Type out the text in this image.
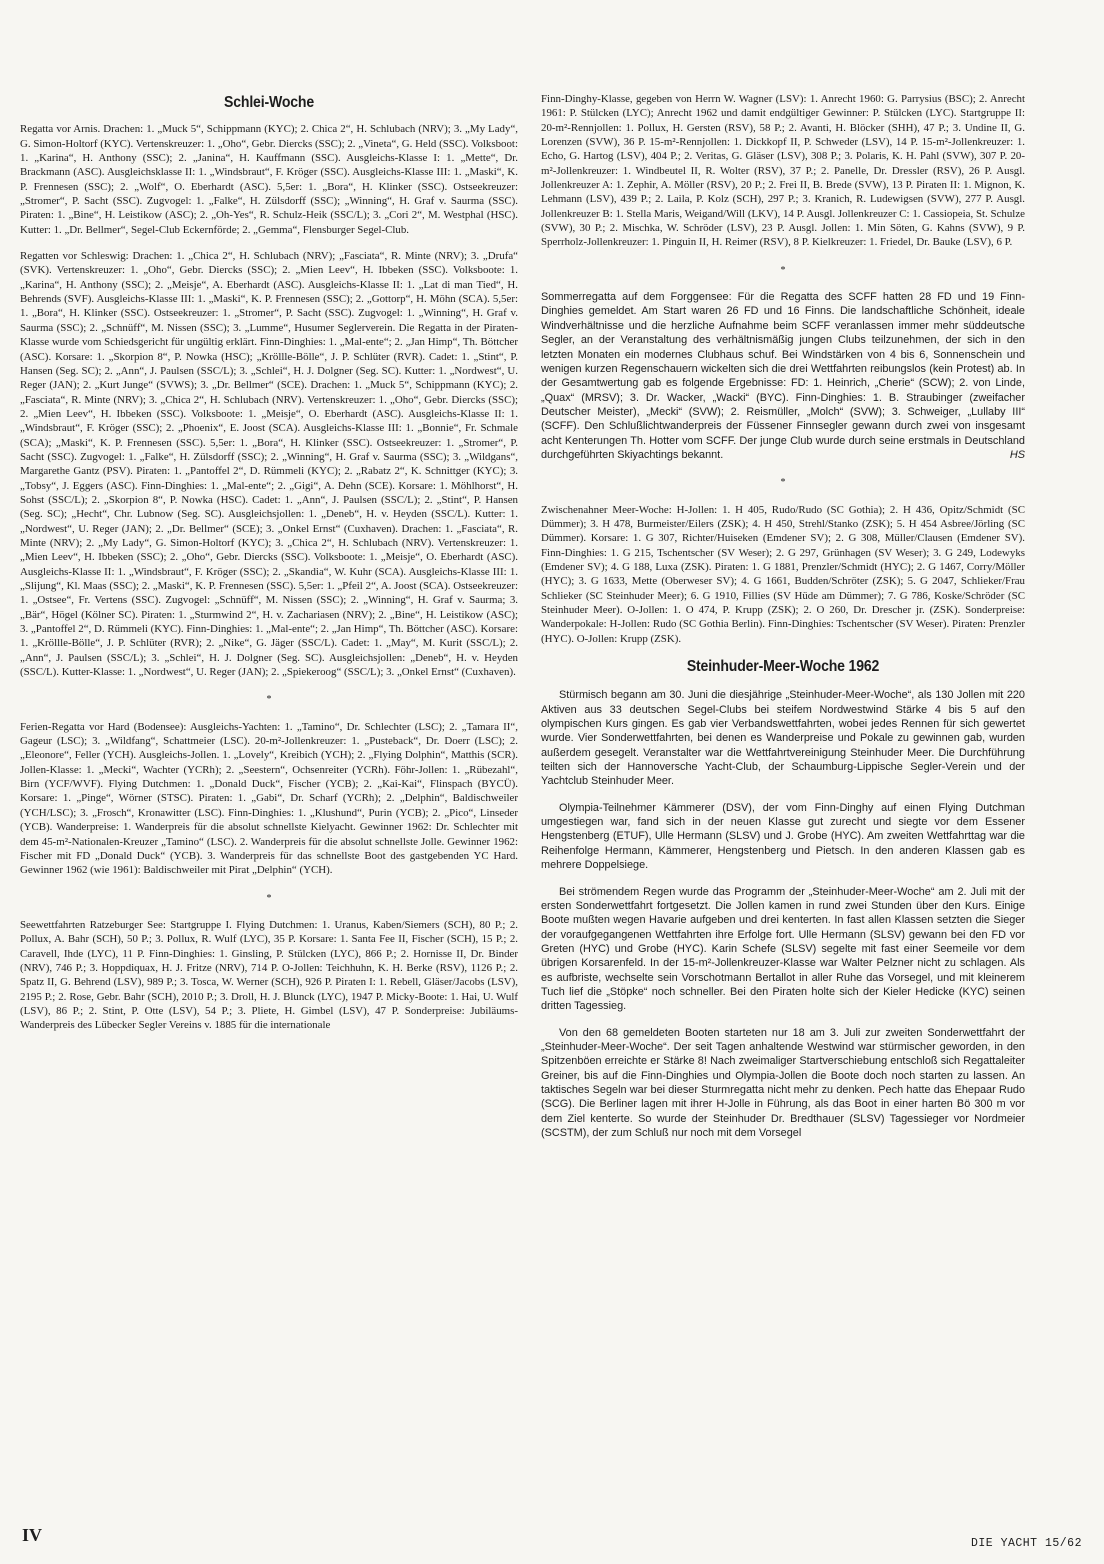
Schlei-Woche

Regatta vor Arnis. Drachen: 1. „Muck 5“, Schippmann (KYC); 2. Chica 2“, H. Schlubach (NRV); 3. „My Lady“, G. Simon-Holtorf (KYC). Vertenskreuzer: 1. „Oho“, Gebr. Diercks (SSC); 2. „Vineta“, G. Held (SSC). Volksboot: 1. „Karina“, H. Anthony (SSC); 2. „Janina“, H. Kauffmann (SSC). Ausgleichs-Klasse I: 1. „Mette“, Dr. Brackmann (ASC). Ausgleichsklasse II: 1. „Windsbraut“, F. Kröger (SSC). Ausgleichs-Klasse III: 1. „Maski“, K. P. Frennesen (SSC); 2. „Wolf“, O. Eberhardt (ASC). 5,5er: 1. „Bora“, H. Klinker (SSC). Ostseekreuzer: „Stromer“, P. Sacht (SSC). Zugvogel: 1. „Falke“, H. Zülsdorff (SSC); „Winning“, H. Graf v. Saurma (SSC). Piraten: 1. „Bine“, H. Leistikow (ASC); 2. „Oh-Yes“, R. Schulz-Heik (SSC/L); 3. „Cori 2“, M. Westphal (HSC). Kutter: 1. „Dr. Bellmer“, Segel-Club Eckernförde; 2. „Gemma“, Flensburger Segel-Club.

Regatten vor Schleswig: Drachen: 1. „Chica 2“, H. Schlubach (NRV); „Fasciata“, R. Minte (NRV); 3. „Drufa“ (SVK). Vertenskreuzer: 1. „Oho“, Gebr. Diercks (SSC); 2. „Mien Leev“, H. Ibbeken (SSC). Volksboote: 1. „Karina“, H. Anthony (SSC); 2. „Meisje“, A. Eberhardt (ASC). Ausgleichs-Klasse II: 1. „Lat di man Tied“, H. Behrends (SVF). Ausgleichs-Klasse III: 1. „Maski“, K. P. Frennesen (SSC); 2. „Gottorp“, H. Möhn (SCA). 5,5er: 1. „Bora“, H. Klinker (SSC). Ostseekreuzer: 1. „Stromer“, P. Sacht (SSC). Zugvogel: 1. „Winning“, H. Graf v. Saurma (SSC); 2. „Schnüff“, M. Nissen (SSC); 3. „Lumme“, Husumer Seglerverein. Die Regatta in der Piraten-Klasse wurde vom Schiedsgericht für ungültig erklärt. Finn-Dinghies: 1. „Mal-ente“; 2. „Jan Himp“, Th. Böttcher (ASC). Korsare: 1. „Skorpion 8“, P. Nowka (HSC); „Kröllle-Bölle“, J. P. Schlüter (RVR). Cadet: 1. „Stint“, P. Hansen (Seg. SC); 2. „Ann“, J. Paulsen (SSC/L); 3. „Schlei“, H. J. Dolgner (Seg. SC). Kutter: 1. „Nordwest“, U. Reger (JAN); 2. „Kurt Junge“ (SVWS); 3. „Dr. Bellmer“ (SCE). Drachen: 1. „Muck 5“, Schippmann (KYC); 2. „Fasciata“, R. Minte (NRV); 3. „Chica 2“, H. Schlubach (NRV). Vertenskreuzer: 1. „Oho“, Gebr. Diercks (SSC); 2. „Mien Leev“, H. Ibbeken (SSC). Volksboote: 1. „Meisje“, O. Eberhardt (ASC). Ausgleichs-Klasse II: 1. „Windsbraut“, F. Kröger (SSC); 2. „Phoenix“, E. Joost (SCA). Ausgleichs-Klasse III: 1. „Bonnie“, Fr. Schmale (SCA); „Maski“, K. P. Frennesen (SSC). 5,5er: 1. „Bora“, H. Klinker (SSC). Ostseekreuzer: 1. „Stromer“, P. Sacht (SSC). Zugvogel: 1. „Falke“, H. Zülsdorff (SSC); 2. „Winning“, H. Graf v. Saurma (SSC); 3. „Wildgans“, Margarethe Gantz (PSV). Piraten: 1. „Pantoffel 2“, D. Rümmeli (KYC); 2. „Rabatz 2“, K. Schnittger (KYC); 3. „Tobsy“, J. Eggers (ASC). Finn-Dinghies: 1. „Mal-ente“; 2. „Gigi“, A. Dehn (SCE). Korsare: 1. Möhlhorst“, H. Sohst (SSC/L); 2. „Skorpion 8“, P. Nowka (HSC). Cadet: 1. „Ann“, J. Paulsen (SSC/L); 2. „Stint“, P. Hansen (Seg. SC); „Hecht“, Chr. Lubnow (Seg. SC). Ausgleichsjollen: 1. „Deneb“, H. v. Heyden (SSC/L). Kutter: 1. „Nordwest“, U. Reger (JAN); 2. „Dr. Bellmer“ (SCE); 3. „Onkel Ernst“ (Cuxhaven). Drachen: 1. „Fasciata“, R. Minte (NRV); 2. „My Lady“, G. Simon-Holtorf (KYC); 3. „Chica 2“, H. Schlubach (NRV). Vertenskreuzer: 1. „Mien Leev“, H. Ibbeken (SSC); 2. „Oho“, Gebr. Diercks (SSC). Volksboote: 1. „Meisje“, O. Eberhardt (ASC). Ausgleichs-Klasse II: 1. „Windsbraut“, F. Kröger (SSC); 2. „Skandia“, W. Kuhr (SCA). Ausgleichs-Klasse III: 1. „Slijung“, Kl. Maas (SSC); 2. „Maski“, K. P. Frennesen (SSC). 5,5er: 1. „Pfeil 2“, A. Joost (SCA). Ostseekreuzer: 1. „Ostsee“, Fr. Vertens (SSC). Zugvogel: „Schnüff“, M. Nissen (SSC); 2. „Winning“, H. Graf v. Saurma; 3. „Bär“, Högel (Kölner SC). Piraten: 1. „Sturmwind 2“, H. v. Zachariasen (NRV); 2. „Bine“, H. Leistikow (ASC); 3. „Pantoffel 2“, D. Rümmeli (KYC). Finn-Dinghies: 1. „Mal-ente“; 2. „Jan Himp“, Th. Böttcher (ASC). Korsare: 1. „Kröllle-Bölle“, J. P. Schlüter (RVR); 2. „Nike“, G. Jäger (SSC/L). Cadet: 1. „May“, M. Kurit (SSC/L); 2. „Ann“, J. Paulsen (SSC/L); 3. „Schlei“, H. J. Dolgner (Seg. SC). Ausgleichsjollen: „Deneb“, H. v. Heyden (SSC/L). Kutter-Klasse: 1. „Nordwest“, U. Reger (JAN); 2. „Spiekeroog“ (SSC/L); 3. „Onkel Ernst“ (Cuxhaven).

*

Ferien-Regatta vor Hard (Bodensee): Ausgleichs-Yachten: 1. „Tamino“, Dr. Schlechter (LSC); 2. „Tamara II“, Gageur (LSC); 3. „Wildfang“, Schattmeier (LSC). 20-m²-Jollenkreuzer: 1. „Pusteback“, Dr. Doerr (LSC); 2. „Eleonore“, Feller (YCH). Ausgleichs-Jollen. 1. „Lovely“, Kreibich (YCH); 2. „Flying Dolphin“, Matthis (SCR). Jollen-Klasse: 1. „Mecki“, Wachter (YCRh); 2. „Seestern“, Ochsenreiter (YCRh). Föhr-Jollen: 1. „Rübezahl“, Birn (YCF/WVF). Flying Dutchmen: 1. „Donald Duck“, Fischer (YCB); 2. „Kai-Kai“, Flinspach (BYCÜ). Korsare: 1. „Pinge“, Wörner (STSC). Piraten: 1. „Gabi“, Dr. Scharf (YCRh); 2. „Delphin“, Baldischweiler (YCH/LSC); 3. „Frosch“, Kronawitter (LSC). Finn-Dinghies: 1. „Klushund“, Purin (YCB); 2. „Pico“, Linseder (YCB). Wanderpreise: 1. Wanderpreis für die absolut schnellste Kielyacht. Gewinner 1962: Dr. Schlechter mit dem 45-m²-Nationalen-Kreuzer „Tamino“ (LSC). 2. Wanderpreis für die absolut schnellste Jolle. Gewinner 1962: Fischer mit FD „Donald Duck“ (YCB). 3. Wanderpreis für das schnellste Boot des gastgebenden YC Hard. Gewinner 1962 (wie 1961): Baldischweiler mit Pirat „Delphin“ (YCH).

*

Seewettfahrten Ratzeburger See: Startgruppe I. Flying Dutchmen: 1. Uranus, Kaben/Siemers (SCH), 80 P.; 2. Pollux, A. Bahr (SCH), 50 P.; 3. Pollux, R. Wulf (LYC), 35 P. Korsare: 1. Santa Fee II, Fischer (SCH), 15 P.; 2. Caravell, Ihde (LYC), 11 P. Finn-Dinghies: 1. Ginsling, P. Stülcken (LYC), 866 P.; 2. Hornisse II, Dr. Binder (NRV), 746 P.; 3. Hoppdiquax, H. J. Fritze (NRV), 714 P. O-Jollen: Teichhuhn, K. H. Berke (RSV), 1126 P.; 2. Spatz II, G. Behrend (LSV), 989 P.; 3. Tosca, W. Werner (SCH), 926 P. Piraten I: 1. Rebell, Gläser/Jacobs (LSV), 2195 P.; 2. Rose, Gebr. Bahr (SCH), 2010 P.; 3. Droll, H. J. Blunck (LYC), 1947 P. Micky-Boote: 1. Hai, U. Wulf (LSV), 86 P.; 2. Stint, P. Otte (LSV), 54 P.; 3. Pliete, H. Gimbel (LSV), 47 P. Sonderpreise: Jubiläums-Wanderpreis des Lübecker Segler Vereins v. 1885 für die internationale

Finn-Dinghy-Klasse, gegeben von Herrn W. Wagner (LSV): 1. Anrecht 1960: G. Parrysius (BSC); 2. Anrecht 1961: P. Stülcken (LYC); Anrecht 1962 und damit endgültiger Gewinner: P. Stülcken (LYC). Startgruppe II: 20-m²-Rennjollen: 1. Pollux, H. Gersten (RSV), 58 P.; 2. Avanti, H. Blöcker (SHH), 47 P.; 3. Undine II, G. Lorenzen (SVW), 36 P. 15-m²-Rennjollen: 1. Dickkopf II, P. Schweder (LSV), 14 P. 15-m²-Jollenkreuzer: 1. Echo, G. Hartog (LSV), 404 P.; 2. Veritas, G. Gläser (LSV), 308 P.; 3. Polaris, K. H. Pahl (SVW), 307 P. 20-m²-Jollenkreuzer: 1. Windbeutel II, R. Wolter (RSV), 37 P.; 2. Panelle, Dr. Dressler (RSV), 26 P. Ausgl. Jollenkreuzer A: 1. Zephir, A. Möller (RSV), 20 P.; 2. Frei II, B. Brede (SVW), 13 P. Piraten II: 1. Mignon, K. Lehmann (LSV), 439 P.; 2. Laila, P. Kolz (SCH), 297 P.; 3. Kranich, R. Ludewigsen (SVW), 277 P. Ausgl. Jollenkreuzer B: 1. Stella Maris, Weigand/Will (LKV), 14 P. Ausgl. Jollenkreuzer C: 1. Cassiopeia, St. Schulze (SVW), 30 P.; 2. Mischka, W. Schröder (LSV), 23 P. Ausgl. Jollen: 1. Min Söten, G. Kahns (SVW), 9 P. Sperrholz-Jollenkreuzer: 1. Pinguin II, H. Reimer (RSV), 8 P. Kielkreuzer: 1. Friedel, Dr. Bauke (LSV), 6 P.

*

Sommerregatta auf dem Forggensee: Für die Regatta des SCFF hatten 28 FD und 19 Finn-Dinghies gemeldet. Am Start waren 26 FD und 16 Finns. Die landschaftliche Schönheit, ideale Windverhältnisse und die herzliche Aufnahme beim SCFF veranlassen immer mehr süddeutsche Segler, an der Veranstaltung des verhältnismäßig jungen Clubs teilzunehmen, der sich in den letzten Monaten ein modernes Clubhaus schuf. Bei Windstärken von 4 bis 6, Sonnenschein und wenigen kurzen Regenschauern wickelten sich die drei Wettfahrten reibungslos (kein Protest) ab. In der Gesamtwertung gab es folgende Ergebnisse: FD: 1. Heinrich, „Cherie“ (SCW); 2. von Linde, „Quax“ (MRSV); 3. Dr. Wacker, „Wacki“ (BYC). Finn-Dinghies: 1. B. Straubinger (zweifacher Deutscher Meister), „Mecki“ (SVW); 2. Reismüller, „Molch“ (SVW); 3. Schweiger, „Lullaby III“ (SCFF). Den Schlußlichtwanderpreis der Füssener Finnsegler gewann durch zwei von insgesamt acht Kenterungen Th. Hotter vom SCFF. Der junge Club wurde durch seine erstmals in Deutschland durchgeführten Skiyachtings bekannt.	HS

*

Zwischenahner Meer-Woche: H-Jollen: 1. H 405, Rudo/Rudo (SC Gothia); 2. H 436, Opitz/Schmidt (SC Dümmer); 3. H 478, Burmeister/Eilers (ZSK); 4. H 450, Strehl/Stanko (ZSK); 5. H 454 Asbree/Jörling (SC Dümmer). Korsare: 1. G 307, Richter/Huiseken (Emdener SV); 2. G 308, Müller/Clausen (Emdener SV). Finn-Dinghies: 1. G 215, Tschentscher (SV Weser); 2. G 297, Grünhagen (SV Weser); 3. G 249, Lodewyks (Emdener SV); 4. G 188, Luxa (ZSK). Piraten: 1. G 1881, Prenzler/Schmidt (HYC); 2. G 1467, Corry/Möller (HYC); 3. G 1633, Mette (Oberweser SV); 4. G 1661, Budden/Schröter (ZSK); 5. G 2047, Schlieker/Frau Schlieker (SC Steinhuder Meer); 6. G 1910, Fillies (SV Hüde am Dümmer); 7. G 786, Koske/Schröder (SC Steinhuder Meer). O-Jollen: 1. O 474, P. Krupp (ZSK); 2. O 260, Dr. Drescher jr. (ZSK). Sonderpreise: Wanderpokale: H-Jollen: Rudo (SC Gothia Berlin). Finn-Dinghies: Tschentscher (SV Weser). Piraten: Prenzler (HYC). O-Jollen: Krupp (ZSK).

Steinhuder-Meer-Woche 1962

Stürmisch begann am 30. Juni die diesjährige „Steinhuder-Meer-Woche“, als 130 Jollen mit 220 Aktiven aus 33 deutschen Segel-Clubs bei steifem Nordwestwind Stärke 4 bis 5 auf den olympischen Kurs gingen. Es gab vier Verbandswettfahrten, wobei jedes Rennen für sich gewertet wurde. Vier Sonderwettfahrten, bei denen es Wanderpreise und Pokale zu gewinnen gab, wurden außerdem gesegelt. Veranstalter war die Wettfahrtvereinigung Steinhuder Meer. Die Durchführung teilten sich der Hannoversche Yacht-Club, der Schaumburg-Lippische Segler-Verein und der Yachtclub Steinhuder Meer.

Olympia-Teilnehmer Kämmerer (DSV), der vom Finn-Dinghy auf einen Flying Dutchman umgestiegen war, fand sich in der neuen Klasse gut zurecht und siegte vor dem Essener Hengstenberg (ETUF), Ulle Hermann (SLSV) und J. Grobe (HYC). Am zweiten Wettfahrttag war die Reihenfolge Hermann, Kämmerer, Hengstenberg und Pietsch. In den anderen Klassen gab es mehrere Doppelsiege.

Bei strömendem Regen wurde das Programm der „Steinhuder-Meer-Woche“ am 2. Juli mit der ersten Sonderwettfahrt fortgesetzt. Die Jollen kamen in rund zwei Stunden über den Kurs. Einige Boote mußten wegen Havarie aufgeben und drei kenterten. In fast allen Klassen setzten die Sieger der voraufgegangenen Wettfahrten ihre Erfolge fort. Ulle Hermann (SLSV) gewann bei den FD vor Greten (HYC) und Grobe (HYC). Karin Schefe (SLSV) segelte mit fast einer Seemeile vor dem übrigen Korsarenfeld. In der 15-m²-Jollenkreuzer-Klasse war Walter Pelzner nicht zu schlagen. Als es aufbriste, wechselte sein Vorschotmann Bertallot in aller Ruhe das Vorsegel, und mit kleinerem Tuch lief die „Stöpke“ noch schneller. Bei den Piraten holte sich der Kieler Hedicke (KYC) seinen dritten Tagessieg.

Von den 68 gemeldeten Booten starteten nur 18 am 3. Juli zur zweiten Sonderwettfahrt der „Steinhuder-Meer-Woche“. Der seit Tagen anhaltende Westwind war stürmischer geworden, in den Spitzenböen erreichte er Stärke 8! Nach zweimaliger Startverschiebung entschloß sich Regattaleiter Greiner, bis auf die Finn-Dinghies und Olympia-Jollen die Boote doch noch starten zu lassen. An taktisches Segeln war bei dieser Sturmregatta nicht mehr zu denken. Pech hatte das Ehepaar Rudo (SCG). Die Berliner lagen mit ihrer H-Jolle in Führung, als das Boot in einer harten Bö 300 m vor dem Ziel kenterte. So wurde der Steinhuder Dr. Bredthauer (SLSV) Tagessieger vor Nordmeier (SCSTM), der zum Schluß nur noch mit dem Vorsegel

IV	DIE YACHT 15/62
